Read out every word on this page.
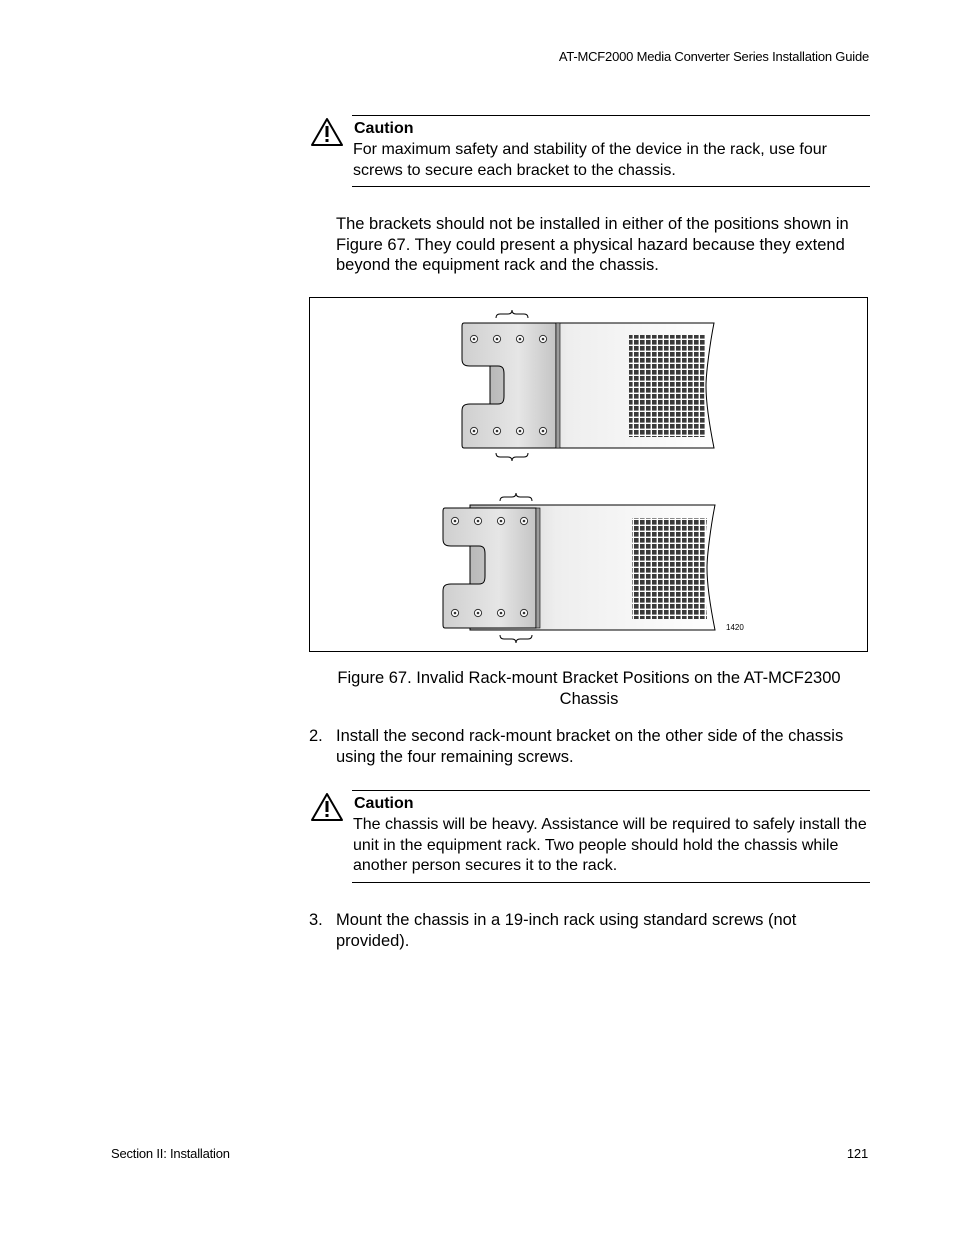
AT-MCF2000 Media Converter Series Installation Guide
Caution
For maximum safety and stability of the device in the rack, use four screws to secure each bracket to the chassis.
The brackets should not be installed in either of the positions shown in Figure 67. They could present a physical hazard because they extend beyond the equipment rack and the chassis.
1420
Figure 67. Invalid Rack-mount Bracket Positions on the AT-MCF2300 Chassis
2. Install the second rack-mount bracket on the other side of the chassis using the four remaining screws.
Caution
The chassis will be heavy. Assistance will be required to safely install the unit in the equipment rack. Two people should hold the chassis while another person secures it to the rack.
3. Mount the chassis in a 19-inch rack using standard screws (not provided).
Section II: Installation	121
